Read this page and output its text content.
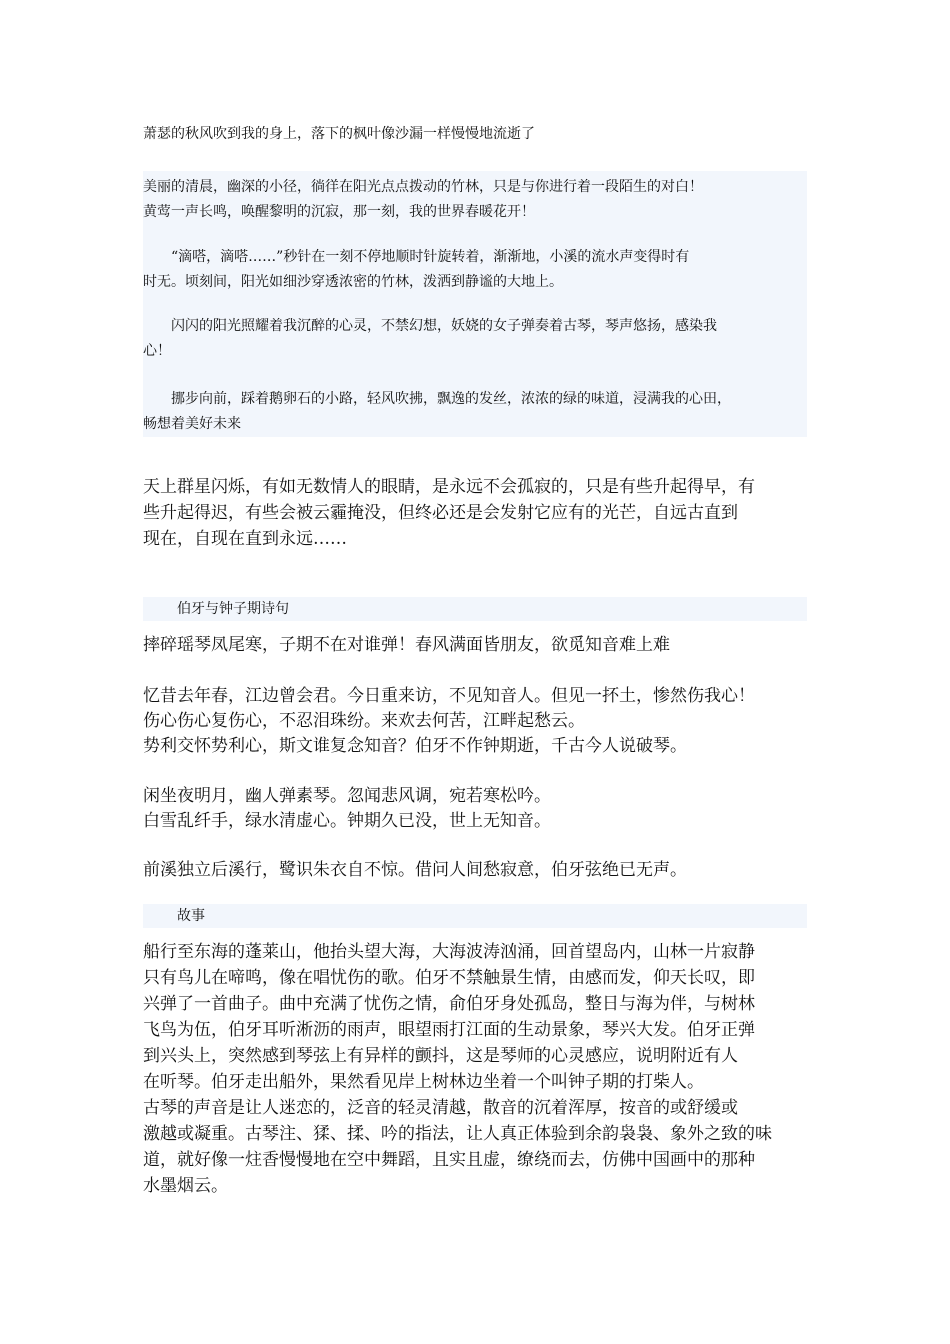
萧瑟的秋风吹到我的身上，落下的枫叶像沙漏一样慢慢地流逝了
美丽的清晨，幽深的小径，徜徉在阳光点点拨动的竹林，只是与你进行着一段陌生的对白！
黄莺一声长鸣，唤醒黎明的沉寂，那一刻，我的世界春暖花开！
　　“滴嗒，滴嗒……”秒针在一刻不停地顺时针旋转着，渐渐地，小溪的流水声变得时有
时无。顷刻间，阳光如细沙穿透浓密的竹林，泼洒到静谧的大地上。
　　闪闪的阳光照耀着我沉醉的心灵，不禁幻想，妖娆的女子弹奏着古琴，琴声悠扬，感染我
心！
　　挪步向前，踩着鹅卵石的小路，轻风吹拂，飘逸的发丝，浓浓的绿的味道，浸满我的心田，
畅想着美好未来
天上群星闪烁，有如无数情人的眼睛，是永远不会孤寂的，只是有些升起得早，有
些升起得迟，有些会被云霾掩没，但终必还是会发射它应有的光芒，自远古直到
现在，自现在直到永远……
伯牙与钟子期诗句
摔碎瑶琴凤尾寒，子期不在对谁弹！春风满面皆朋友，欲觅知音难上难
忆昔去年春，江边曾会君。今日重来访，不见知音人。但见一抔土，惨然伤我心！
伤心伤心复伤心，不忍泪珠纷。来欢去何苦，江畔起愁云。
势利交怀势利心，斯文谁复念知音？伯牙不作钟期逝，千古今人说破琴。
闲坐夜明月，幽人弹素琴。忽闻悲风调，宛若寒松吟。
白雪乱纤手，绿水清虚心。钟期久已没，世上无知音。
前溪独立后溪行，鹭识朱衣自不惊。借问人间愁寂意，伯牙弦绝已无声。
故事
船行至东海的蓬莱山，他抬头望大海，大海波涛汹涌，回首望岛内，山林一片寂静
只有鸟儿在啼鸣，像在唱忧伤的歌。伯牙不禁触景生情，由感而发，仰天长叹，即
兴弹了一首曲子。曲中充满了忧伤之情，俞伯牙身处孤岛，整日与海为伴，与树林
飞鸟为伍，伯牙耳听淅沥的雨声，眼望雨打江面的生动景象，琴兴大发。伯牙正弹
到兴头上，突然感到琴弦上有异样的颤抖，这是琴师的心灵感应，说明附近有人
在听琴。伯牙走出船外，果然看见岸上树林边坐着一个叫钟子期的打柴人。
古琴的声音是让人迷恋的，泛音的轻灵清越，散音的沉着浑厚，按音的或舒缓或
激越或凝重。古琴注、猱、揉、吟的指法，让人真正体验到余韵袅袅、象外之致的味
道，就好像一炷香慢慢地在空中舞蹈，且实且虚，缭绕而去，仿佛中国画中的那种
水墨烟云。
